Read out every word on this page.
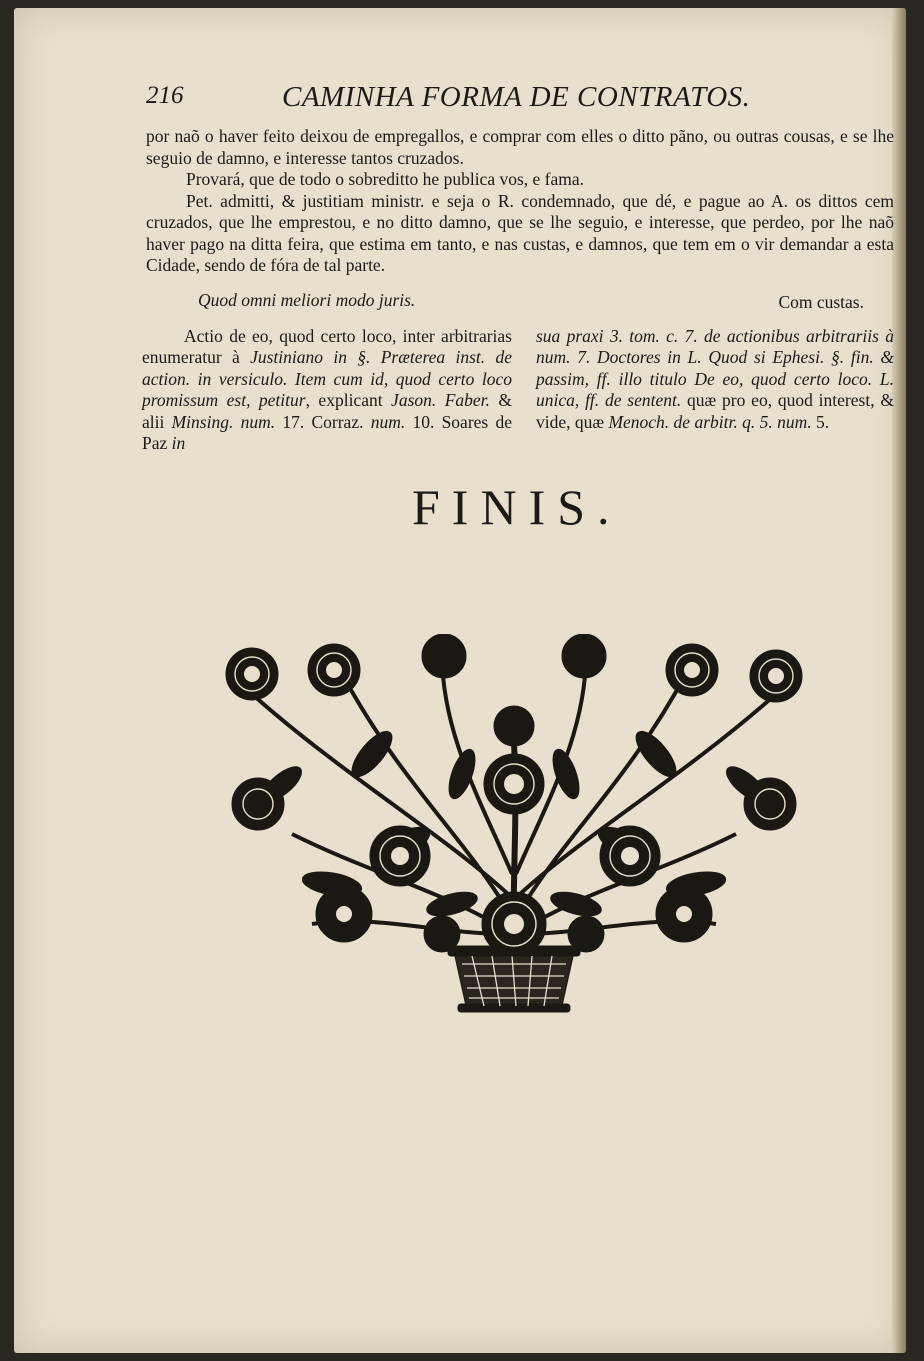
216	CAMINHA FORMA DE CONTRATOS.

por naõ o haver feito deixou de empregallos, e comprar com elles o ditto pãno, ou outras cousas, e se lhe seguio de damno, e interesse tantos cruzados.

Provará, que de todo o sobreditto he publica vos, e fama.

Pet. admitti, & justitiam ministr. e seja o R. condemnado, que dé, e pague ao A. os dittos cem cruzados, que lhe emprestou, e no ditto damno, que se lhe seguio, e interesse, que perdeo, por lhe naõ haver pago na ditta feira, que estima em tanto, e nas custas, e damnos, que tem em o vir demandar a esta Cidade, sendo de fóra de tal parte.

Quod omni meliori modo juris.	Com custas.

Actio de eo, quod certo loco, inter arbitrarias enumeratur à Justiniano in §. Præterea inst. de action. in versiculo. Item cum id, quod certo loco promissum est, petitur, explicant Jason. Faber. & alii Minsing. num. 17. Corraz. num. 10. Soares de Paz in

sua praxi 3. tom. c. 7. de actionibus arbitrariis à num. 7. Doctores in L. Quod si Ephesi. §. fin. & passim, ff. illo titulo De eo, quod certo loco. L. unica, ff. de sentent. quæ pro eo, quod interest, & vide, quæ Menoch. de arbitr. q. 5. num. 5.

FINIS.
